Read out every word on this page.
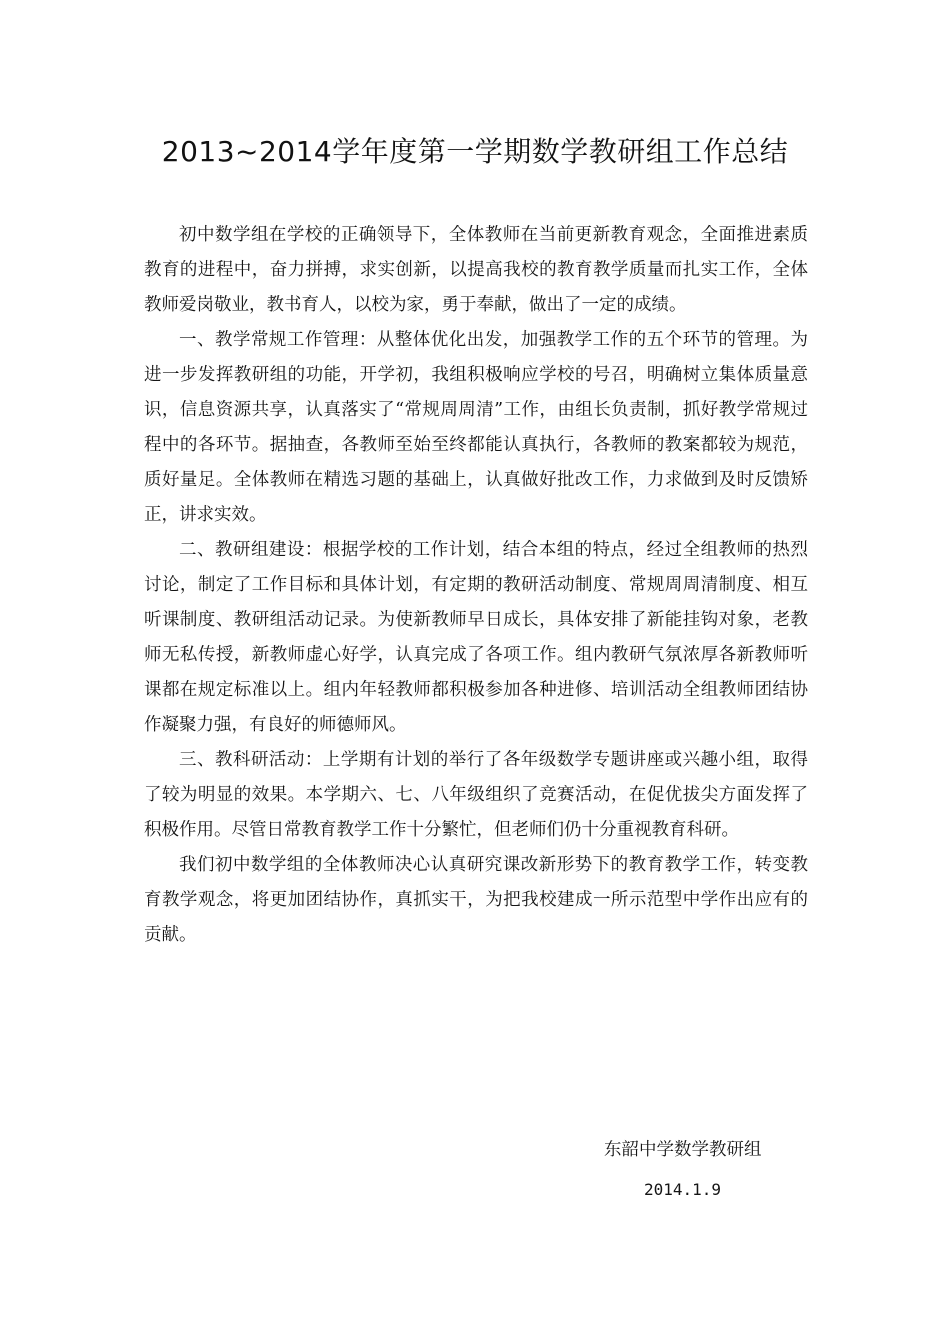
2013~2014学年度第一学期数学教研组工作总结

初中数学组在学校的正确领导下，全体教师在当前更新教育观念，全面推进素质教育的进程中，奋力拼搏，求实创新，以提高我校的教育教学质量而扎实工作，全体教师爱岗敬业，教书育人，以校为家，勇于奉献，做出了一定的成绩。

一、教学常规工作管理：从整体优化出发，加强教学工作的五个环节的管理。为进一步发挥教研组的功能，开学初，我组积极响应学校的号召，明确树立集体质量意识，信息资源共享，认真落实了“常规周周清”工作，由组长负责制，抓好教学常规过程中的各环节。据抽查，各教师至始至终都能认真执行，各教师的教案都较为规范，质好量足。全体教师在精选习题的基础上，认真做好批改工作，力求做到及时反馈矫正，讲求实效。

二、教研组建设：根据学校的工作计划，结合本组的特点，经过全组教师的热烈讨论，制定了工作目标和具体计划，有定期的教研活动制度、常规周周清制度、相互听课制度、教研组活动记录。为使新教师早日成长，具体安排了新能挂钩对象，老教师无私传授，新教师虚心好学，认真完成了各项工作。组内教研气氛浓厚各新教师听课都在规定标准以上。组内年轻教师都积极参加各种进修、培训活动全组教师团结协作凝聚力强，有良好的师德师风。

三、教科研活动：上学期有计划的举行了各年级数学专题讲座或兴趣小组，取得了较为明显的效果。本学期六、七、八年级组织了竞赛活动，在促优拔尖方面发挥了积极作用。尽管日常教育教学工作十分繁忙，但老师们仍十分重视教育科研。

我们初中数学组的全体教师决心认真研究课改新形势下的教育教学工作，转变教育教学观念，将更加团结协作，真抓实干，为把我校建成一所示范型中学作出应有的贡献。

东韶中学数学教研组
2014.1.9
